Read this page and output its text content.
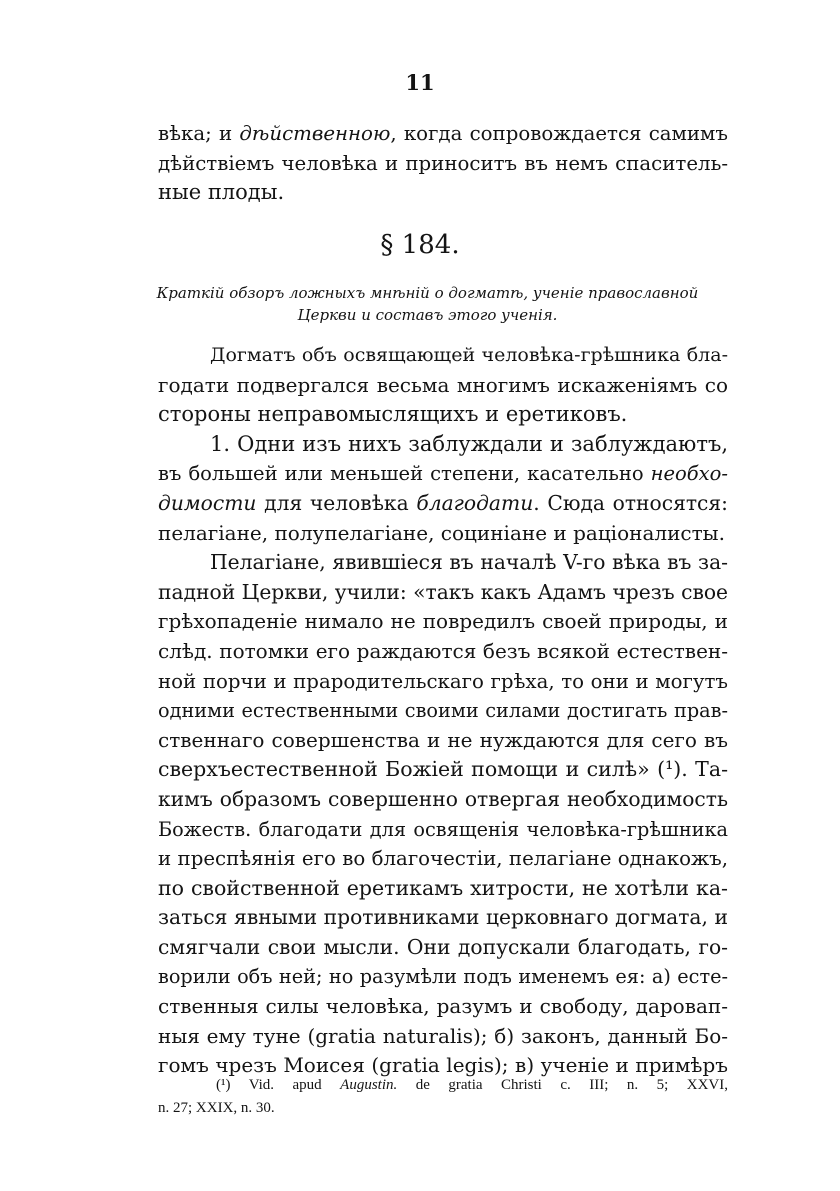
11
вѣка; и дѣйственною, когда сопровождается самимъ
дѣйствіемъ человѣка и приноситъ въ немъ спаситель-
ные плоды.
§ 184.
Краткій обзоръ ложныхъ мнѣній о догматѣ, ученіе православной
Церкви и составъ этого ученія.
Догматъ объ освящающей человѣка-грѣшника бла-
годати подвергался весьма многимъ искаженіямъ со
стороны неправомыслящихъ и еретиковъ.
1. Одни изъ нихъ заблуждали и заблуждаютъ,
въ большей или меньшей степени, касательно необхо-
димости для человѣка благодати. Сюда относятся:
пелагіане, полупелагіане, социніане и раціоналисты.
Пелагіане, явившіеся въ началѣ V-го вѣка въ за-
падной Церкви, учили: «такъ какъ Адамъ чрезъ свое
грѣхопаденіе нимало не повредилъ своей природы, и
слѣд. потомки его раждаются безъ всякой естествен-
ной порчи и прародительскаго грѣха, то они и могутъ
одними естественными своими силами достигать прав-
ственнаго совершенства и не нуждаются для сего въ
сверхъестественной Божіей помощи и силѣ» (¹). Та-
кимъ образомъ совершенно отвергая необходимость
Божеств. благодати для освященія человѣка-грѣшника
и преспѣянія его во благочестіи, пелагіане однакожъ,
по свойственной еретикамъ хитрости, не хотѣли ка-
заться явными противниками церковнаго догмата, и
смягчали свои мысли. Они допускали благодать, го-
ворили объ ней; но разумѣли подъ именемъ ея: а) есте-
ственныя силы человѣка, разумъ и свободу, даровап-
ныя ему туне (gratia naturalis); б) законъ, данный Бо-
гомъ чрезъ Моисея (gratia legis); в) ученіе и примѣръ
(¹) Vid. apud Augustin. de gratia Christi c. III; n. 5; XXVI,
n. 27; XXIX, n. 30.
